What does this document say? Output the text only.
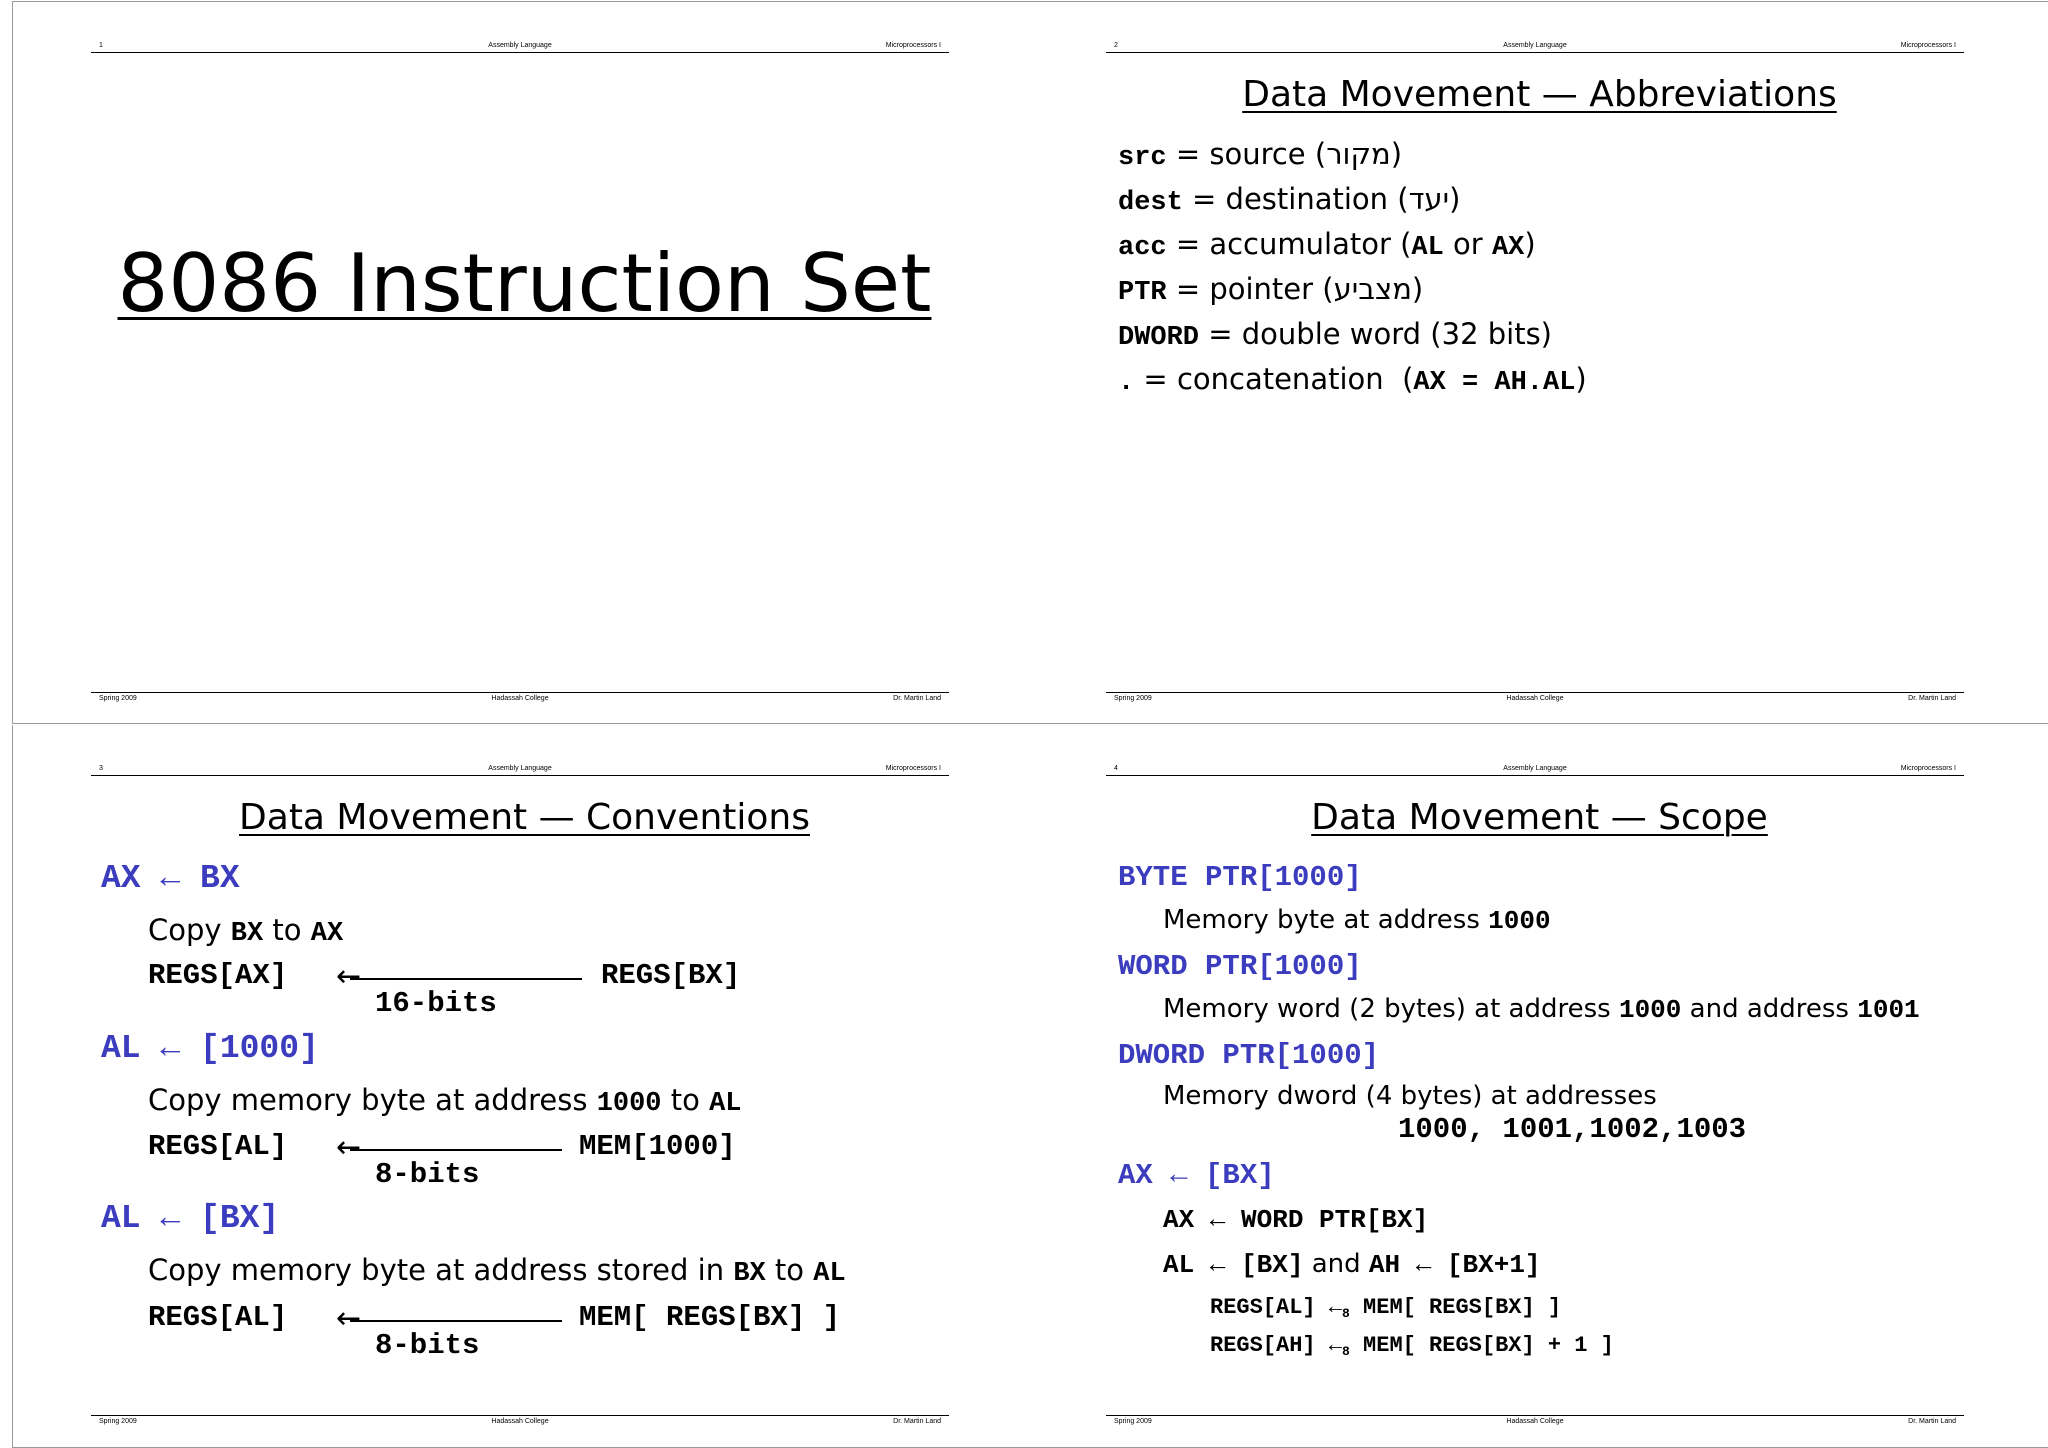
1	Assembly Language	Microprocessors I
8086 Instruction Set
Spring 2009	Hadassah College	Dr. Martin Land
2	Assembly Language	Microprocessors I
Data Movement — Abbreviations
src = source (מקור)
dest = destination (יעד)
acc = accumulator (AL or AX)
PTR = pointer (מצביע)
DWORD = double word (32 bits)
. = concatenation  (AX = AH.AL)
Spring 2009	Hadassah College	Dr. Martin Land
3	Assembly Language	Microprocessors I
Data Movement — Conventions
AX ← BX
Copy BX to AX
REGS[AX] ←	REGS[BX]
16-bits
AL ← [1000]
Copy memory byte at address 1000 to AL
REGS[AL] ←	MEM[1000]
8-bits
AL ← [BX]
Copy memory byte at address stored in BX to AL
REGS[AL] ←	MEM[ REGS[BX] ]
8-bits
Spring 2009	Hadassah College	Dr. Martin Land
4	Assembly Language	Microprocessors I
Data Movement — Scope
BYTE PTR[1000]
Memory byte at address 1000
WORD PTR[1000]
Memory word (2 bytes) at address 1000 and address 1001
DWORD PTR[1000]
Memory dword (4 bytes) at addresses
1000, 1001,1002,1003
AX ← [BX]
AX ← WORD PTR[BX]
AL ← [BX] and AH ← [BX+1]
REGS[AL] $\leftarrow_8$ MEM[ REGS[BX] ]
REGS[AH] $\leftarrow_8$ MEM[ REGS[BX] + 1 ]
Spring 2009	Hadassah College	Dr. Martin Land
